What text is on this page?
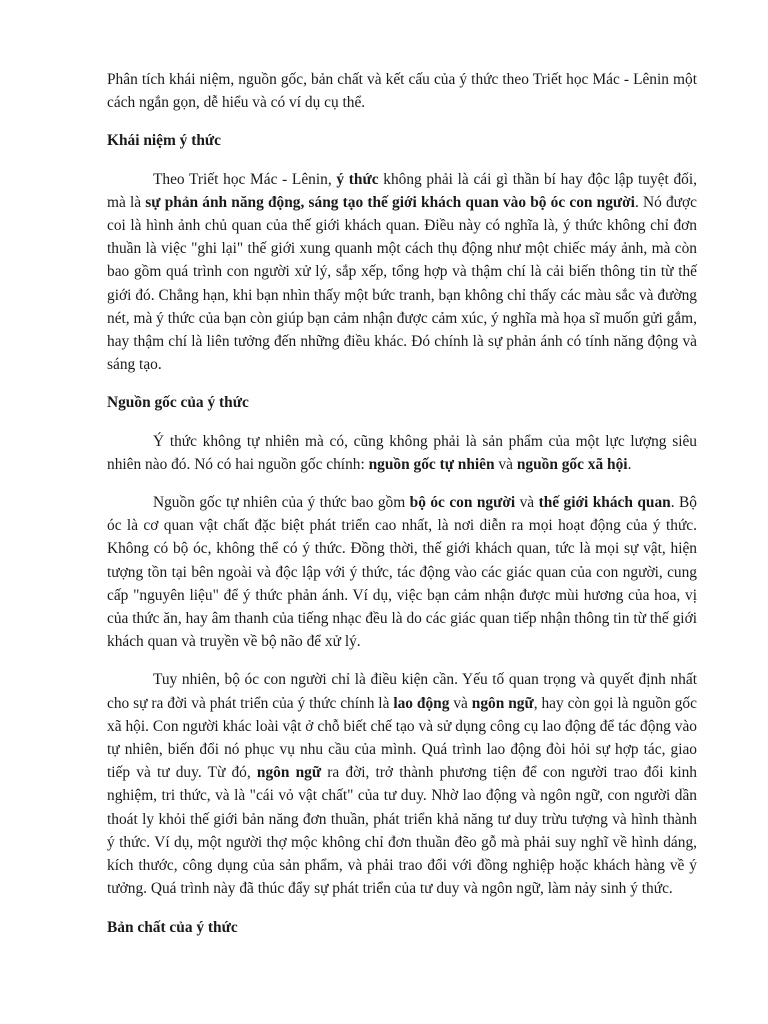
Phân tích khái niệm, nguồn gốc, bản chất và kết cấu của ý thức theo Triết học Mác - Lênin một cách ngắn gọn, dễ hiểu và có ví dụ cụ thể.

Khái niệm ý thức

Theo Triết học Mác - Lênin, ý thức không phải là cái gì thần bí hay độc lập tuyệt đối, mà là sự phản ánh năng động, sáng tạo thế giới khách quan vào bộ óc con người. Nó được coi là hình ảnh chủ quan của thế giới khách quan. Điều này có nghĩa là, ý thức không chỉ đơn thuần là việc "ghi lại" thế giới xung quanh một cách thụ động như một chiếc máy ảnh, mà còn bao gồm quá trình con người xử lý, sắp xếp, tổng hợp và thậm chí là cải biến thông tin từ thế giới đó. Chẳng hạn, khi bạn nhìn thấy một bức tranh, bạn không chỉ thấy các màu sắc và đường nét, mà ý thức của bạn còn giúp bạn cảm nhận được cảm xúc, ý nghĩa mà họa sĩ muốn gửi gắm, hay thậm chí là liên tưởng đến những điều khác. Đó chính là sự phản ánh có tính năng động và sáng tạo.

Nguồn gốc của ý thức

Ý thức không tự nhiên mà có, cũng không phải là sản phẩm của một lực lượng siêu nhiên nào đó. Nó có hai nguồn gốc chính: nguồn gốc tự nhiên và nguồn gốc xã hội.

Nguồn gốc tự nhiên của ý thức bao gồm bộ óc con người và thế giới khách quan. Bộ óc là cơ quan vật chất đặc biệt phát triển cao nhất, là nơi diễn ra mọi hoạt động của ý thức. Không có bộ óc, không thể có ý thức. Đồng thời, thế giới khách quan, tức là mọi sự vật, hiện tượng tồn tại bên ngoài và độc lập với ý thức, tác động vào các giác quan của con người, cung cấp "nguyên liệu" để ý thức phản ánh. Ví dụ, việc bạn cảm nhận được mùi hương của hoa, vị của thức ăn, hay âm thanh của tiếng nhạc đều là do các giác quan tiếp nhận thông tin từ thế giới khách quan và truyền về bộ não để xử lý.

Tuy nhiên, bộ óc con người chỉ là điều kiện cần. Yếu tố quan trọng và quyết định nhất cho sự ra đời và phát triển của ý thức chính là lao động và ngôn ngữ, hay còn gọi là nguồn gốc xã hội. Con người khác loài vật ở chỗ biết chế tạo và sử dụng công cụ lao động để tác động vào tự nhiên, biến đổi nó phục vụ nhu cầu của mình. Quá trình lao động đòi hỏi sự hợp tác, giao tiếp và tư duy. Từ đó, ngôn ngữ ra đời, trở thành phương tiện để con người trao đổi kinh nghiệm, tri thức, và là "cái vỏ vật chất" của tư duy. Nhờ lao động và ngôn ngữ, con người dần thoát ly khỏi thế giới bản năng đơn thuần, phát triển khả năng tư duy trừu tượng và hình thành ý thức. Ví dụ, một người thợ mộc không chỉ đơn thuần đẽo gỗ mà phải suy nghĩ về hình dáng, kích thước, công dụng của sản phẩm, và phải trao đổi với đồng nghiệp hoặc khách hàng về ý tưởng. Quá trình này đã thúc đẩy sự phát triển của tư duy và ngôn ngữ, làm nảy sinh ý thức.

Bản chất của ý thức
